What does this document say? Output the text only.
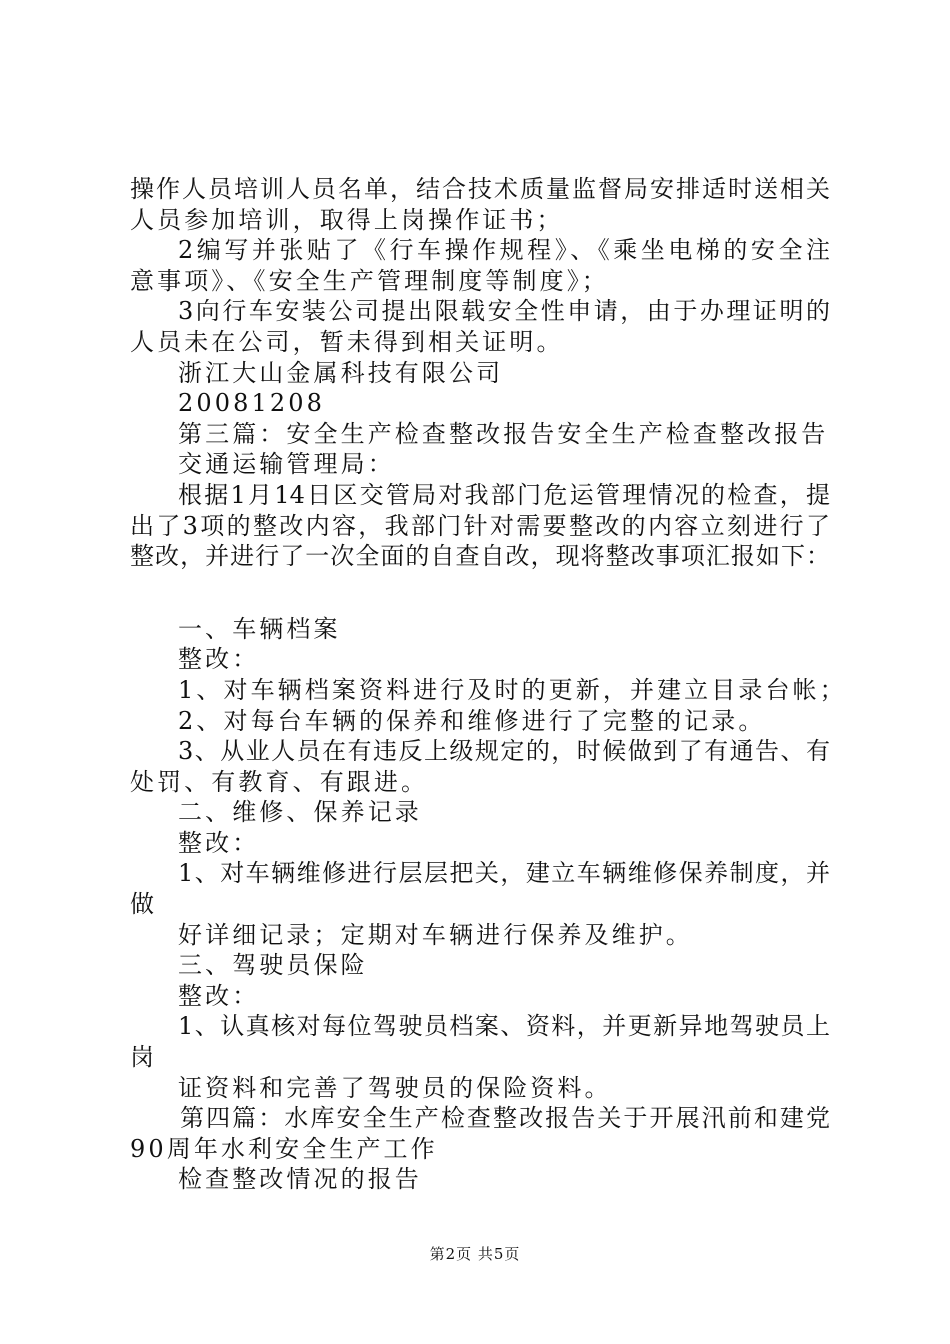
操作人员培训人员名单，结合技术质量监督局安排适时送相关
人员参加培训，取得上岗操作证书；
2编写并张贴了《行车操作规程》、《乘坐电梯的安全注
意事项》、《安全生产管理制度等制度》；
3向行车安装公司提出限载安全性申请，由于办理证明的
人员未在公司，暂未得到相关证明。
浙江大山金属科技有限公司
20081208
第三篇：安全生产检查整改报告安全生产检查整改报告
交通运输管理局：
根据1月14日区交管局对我部门危运管理情况的检查，提
出了3项的整改内容，我部门针对需要整改的内容立刻进行了
整改，并进行了一次全面的自查自改，现将整改事项汇报如下：
一、车辆档案
整改：
1、对车辆档案资料进行及时的更新，并建立目录台帐；
2、对每台车辆的保养和维修进行了完整的记录。
3、从业人员在有违反上级规定的，时候做到了有通告、有
处罚、有教育、有跟进。
二、维修、保养记录
整改：
1、对车辆维修进行层层把关，建立车辆维修保养制度，并
做
好详细记录；定期对车辆进行保养及维护。
三、驾驶员保险
整改：
1、认真核对每位驾驶员档案、资料，并更新异地驾驶员上
岗
证资料和完善了驾驶员的保险资料。
第四篇：水库安全生产检查整改报告关于开展汛前和建党
90周年水利安全生产工作
检查整改情况的报告
第2页 共5页
